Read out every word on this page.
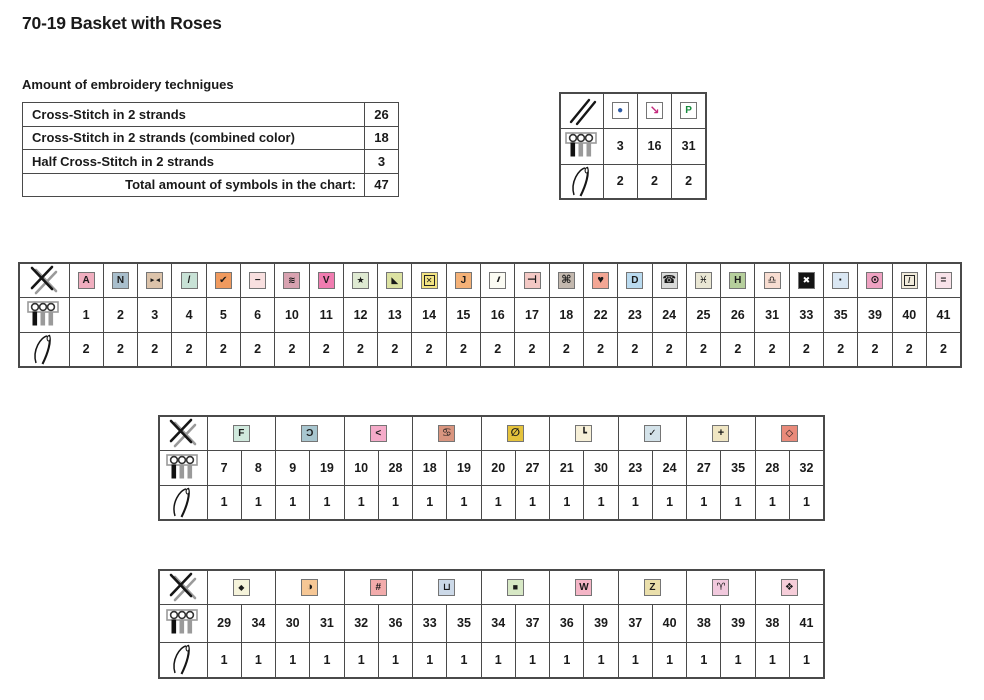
70-19 Basket with Roses
Amount of embroidery technigues
Cross-Stitch in 2 strands	26
Cross-Stitch in 2 strands (combined color)	18
Half Cross-Stitch in 2 strands	3
Total amount of symbols in the chart:	47
	●	↘	P

	3	16	31

	2	2	2
	A	N	►◄	/	✔	−	≋	V	★	◣	✕	J	///	⊣	⌘	♥	D	☎	♓	H	♎	✖	·	⊙	/	=

	1	2	3	4	5	6	10	11	12	13	14	15	16	17	18	22	23	24	25	26	31	33	35	39	40	41

	2	2	2	2	2	2	2	2	2	2	2	2	2	2	2	2	2	2	2	2	2	2	2	2	2	2
	F		Ɔ		<		♋		∅		┗		✓		+		◇	

	7	8	9	19	10	28	18	19	20	27	21	30	23	24	27	35	28	32

	1	1	1	1	1	1	1	1	1	1	1	1	1	1	1	1	1	1
	◆		◑		#		⊔		■		W		Z		♈		❖	

	29	34	30	31	32	36	33	35	34	37	36	39	37	40	38	39	38	41

	1	1	1	1	1	1	1	1	1	1	1	1	1	1	1	1	1	1
